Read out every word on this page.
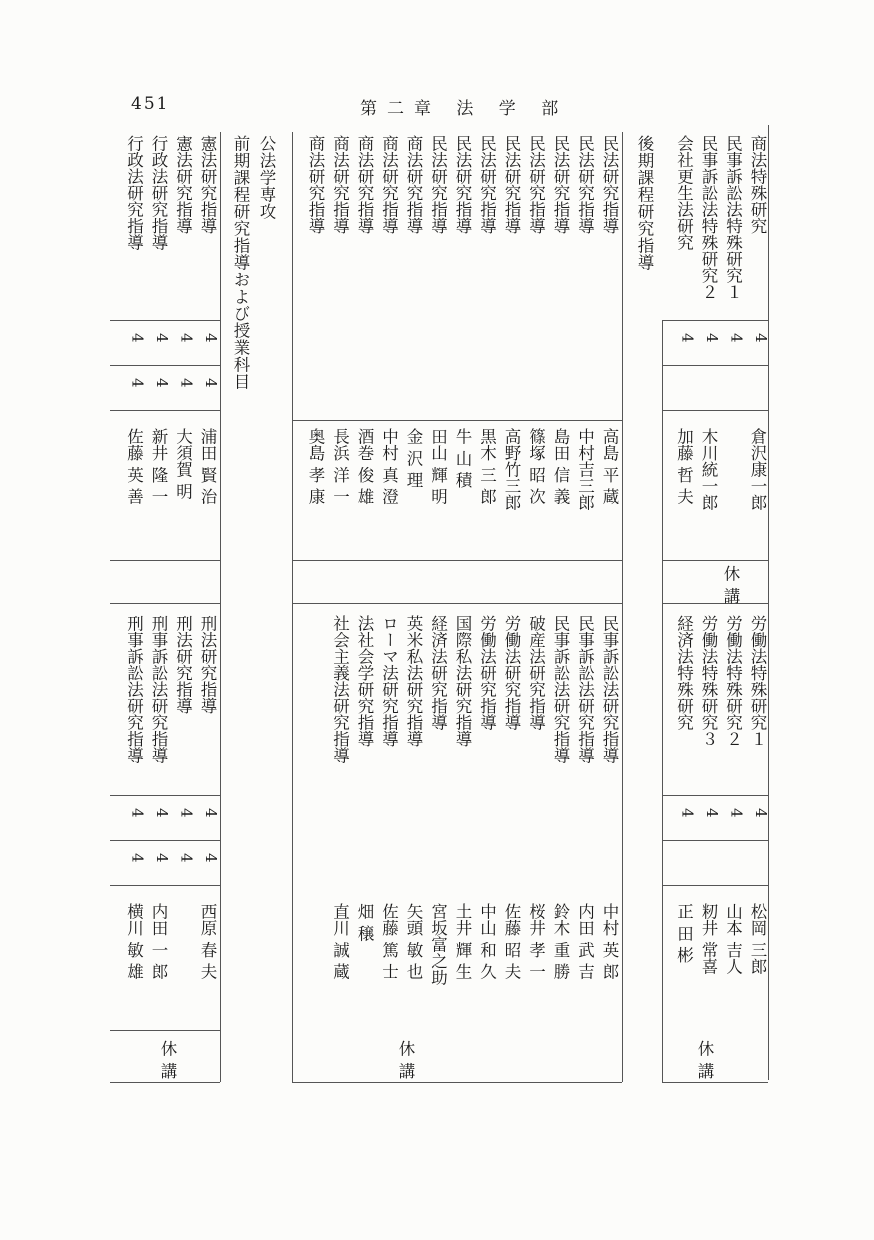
451	第二章 法 学 部
後期課程研究指導
公法学専攻
前期課程研究指導および授業科目	商法特殊研究
4
倉沢康一郎
民事訴訟法特殊研究１
4
民事訴訟法特殊研究２
4
木川統一郎
会社更生法研究
4
加藤 哲 夫
労働法特殊研究１
4
松岡 三郎
労働法特殊研究２
4
山本 吉人
労働法特殊研究３
4
籾井 常喜
経済法特殊研究
4
正 田 彬
民法研究指導
高島 平 蔵
民法研究指導
中村吉三郎
民法研究指導
島田 信 義
民法研究指導
篠塚 昭 次
民法研究指導
高野竹三郎
民法研究指導
黒木 三 郎
民法研究指導
牛 山 積
民法研究指導
田山 輝 明
商法研究指導
金 沢 理
商法研究指導
中村 真 澄
商法研究指導
酒巻 俊 雄
商法研究指導
長浜 洋 一
商法研究指導
奥島 孝 康
民事訴訟法研究指導
中村 英 郎
民事訴訟法研究指導
内田 武 吉
民事訴訟法研究指導
鈴木 重 勝
破産法研究指導
桜井 孝 一
労働法研究指導
佐藤 昭 夫
労働法研究指導
中山 和 久
国際私法研究指導
土井 輝 生
経済法研究指導
宮坂富之助
英米私法研究指導
矢頭 敏 也
ローマ法研究指導
佐藤 篤 士
法社会学研究指導
畑 穣
社会主義法研究指導
直川 誠 蔵
憲法研究指導
4
4
浦田 賢 治
憲法研究指導
4
4
大須賀 明
行政法研究指導
4
4
新井 隆 一
行政法研究指導
4
4
佐藤 英 善
刑法研究指導
4
4
西原 春 夫
刑法研究指導
4
4
刑事訴訟法研究指導
4
4
内田 一 郎
刑事訴訟法研究指導
4
4
横川 敏 雄
休講
休講
休講
休講
